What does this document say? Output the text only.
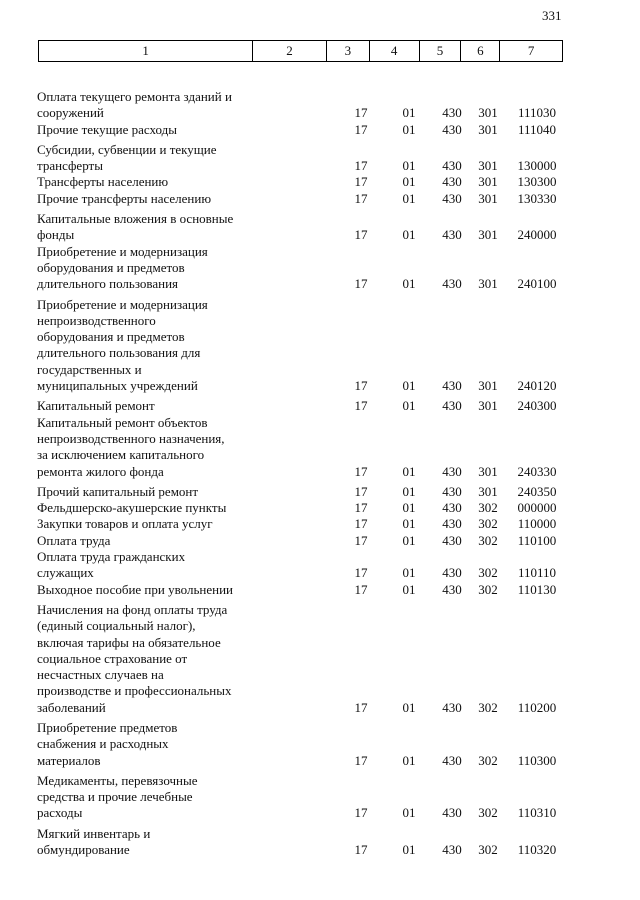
331
1	2	3	4	5	6	7
Оплата текущего ремонта зданий и
сооружений	17	01	430	301	111030
Прочие текущие расходы	17	01	430	301	111040
Субсидии, субвенции и текущие
трансферты	17	01	430	301	130000
Трансферты населению	17	01	430	301	130300
Прочие трансферты населению	17	01	430	301	130330
Капитальные вложения в основные
фонды	17	01	430	301	240000
Приобретение и модернизация
оборудования и предметов
длительного пользования	17	01	430	301	240100
Приобретение и модернизация
непроизводственного
оборудования и предметов
длительного пользования для
государственных и
муниципальных учреждений	17	01	430	301	240120
Капитальный ремонт	17	01	430	301	240300
Капитальный ремонт объектов
непроизводственного назначения,
за исключением капитального
ремонта жилого фонда	17	01	430	301	240330
Прочий капитальный ремонт	17	01	430	301	240350
Фельдшерско-акушерские пункты	17	01	430	302	000000
Закупки товаров и оплата услуг	17	01	430	302	110000
Оплата труда	17	01	430	302	110100
Оплата труда гражданских
служащих	17	01	430	302	110110
Выходное пособие при увольнении	17	01	430	302	110130
Начисления на фонд оплаты труда
(единый социальный налог),
включая тарифы на обязательное
социальное страхование от
несчастных случаев на
производстве и профессиональных
заболеваний	17	01	430	302	110200
Приобретение предметов
снабжения и расходных
материалов	17	01	430	302	110300
Медикаменты, перевязочные
средства и прочие лечебные
расходы	17	01	430	302	110310
Мягкий инвентарь и
обмундирование	17	01	430	302	110320
